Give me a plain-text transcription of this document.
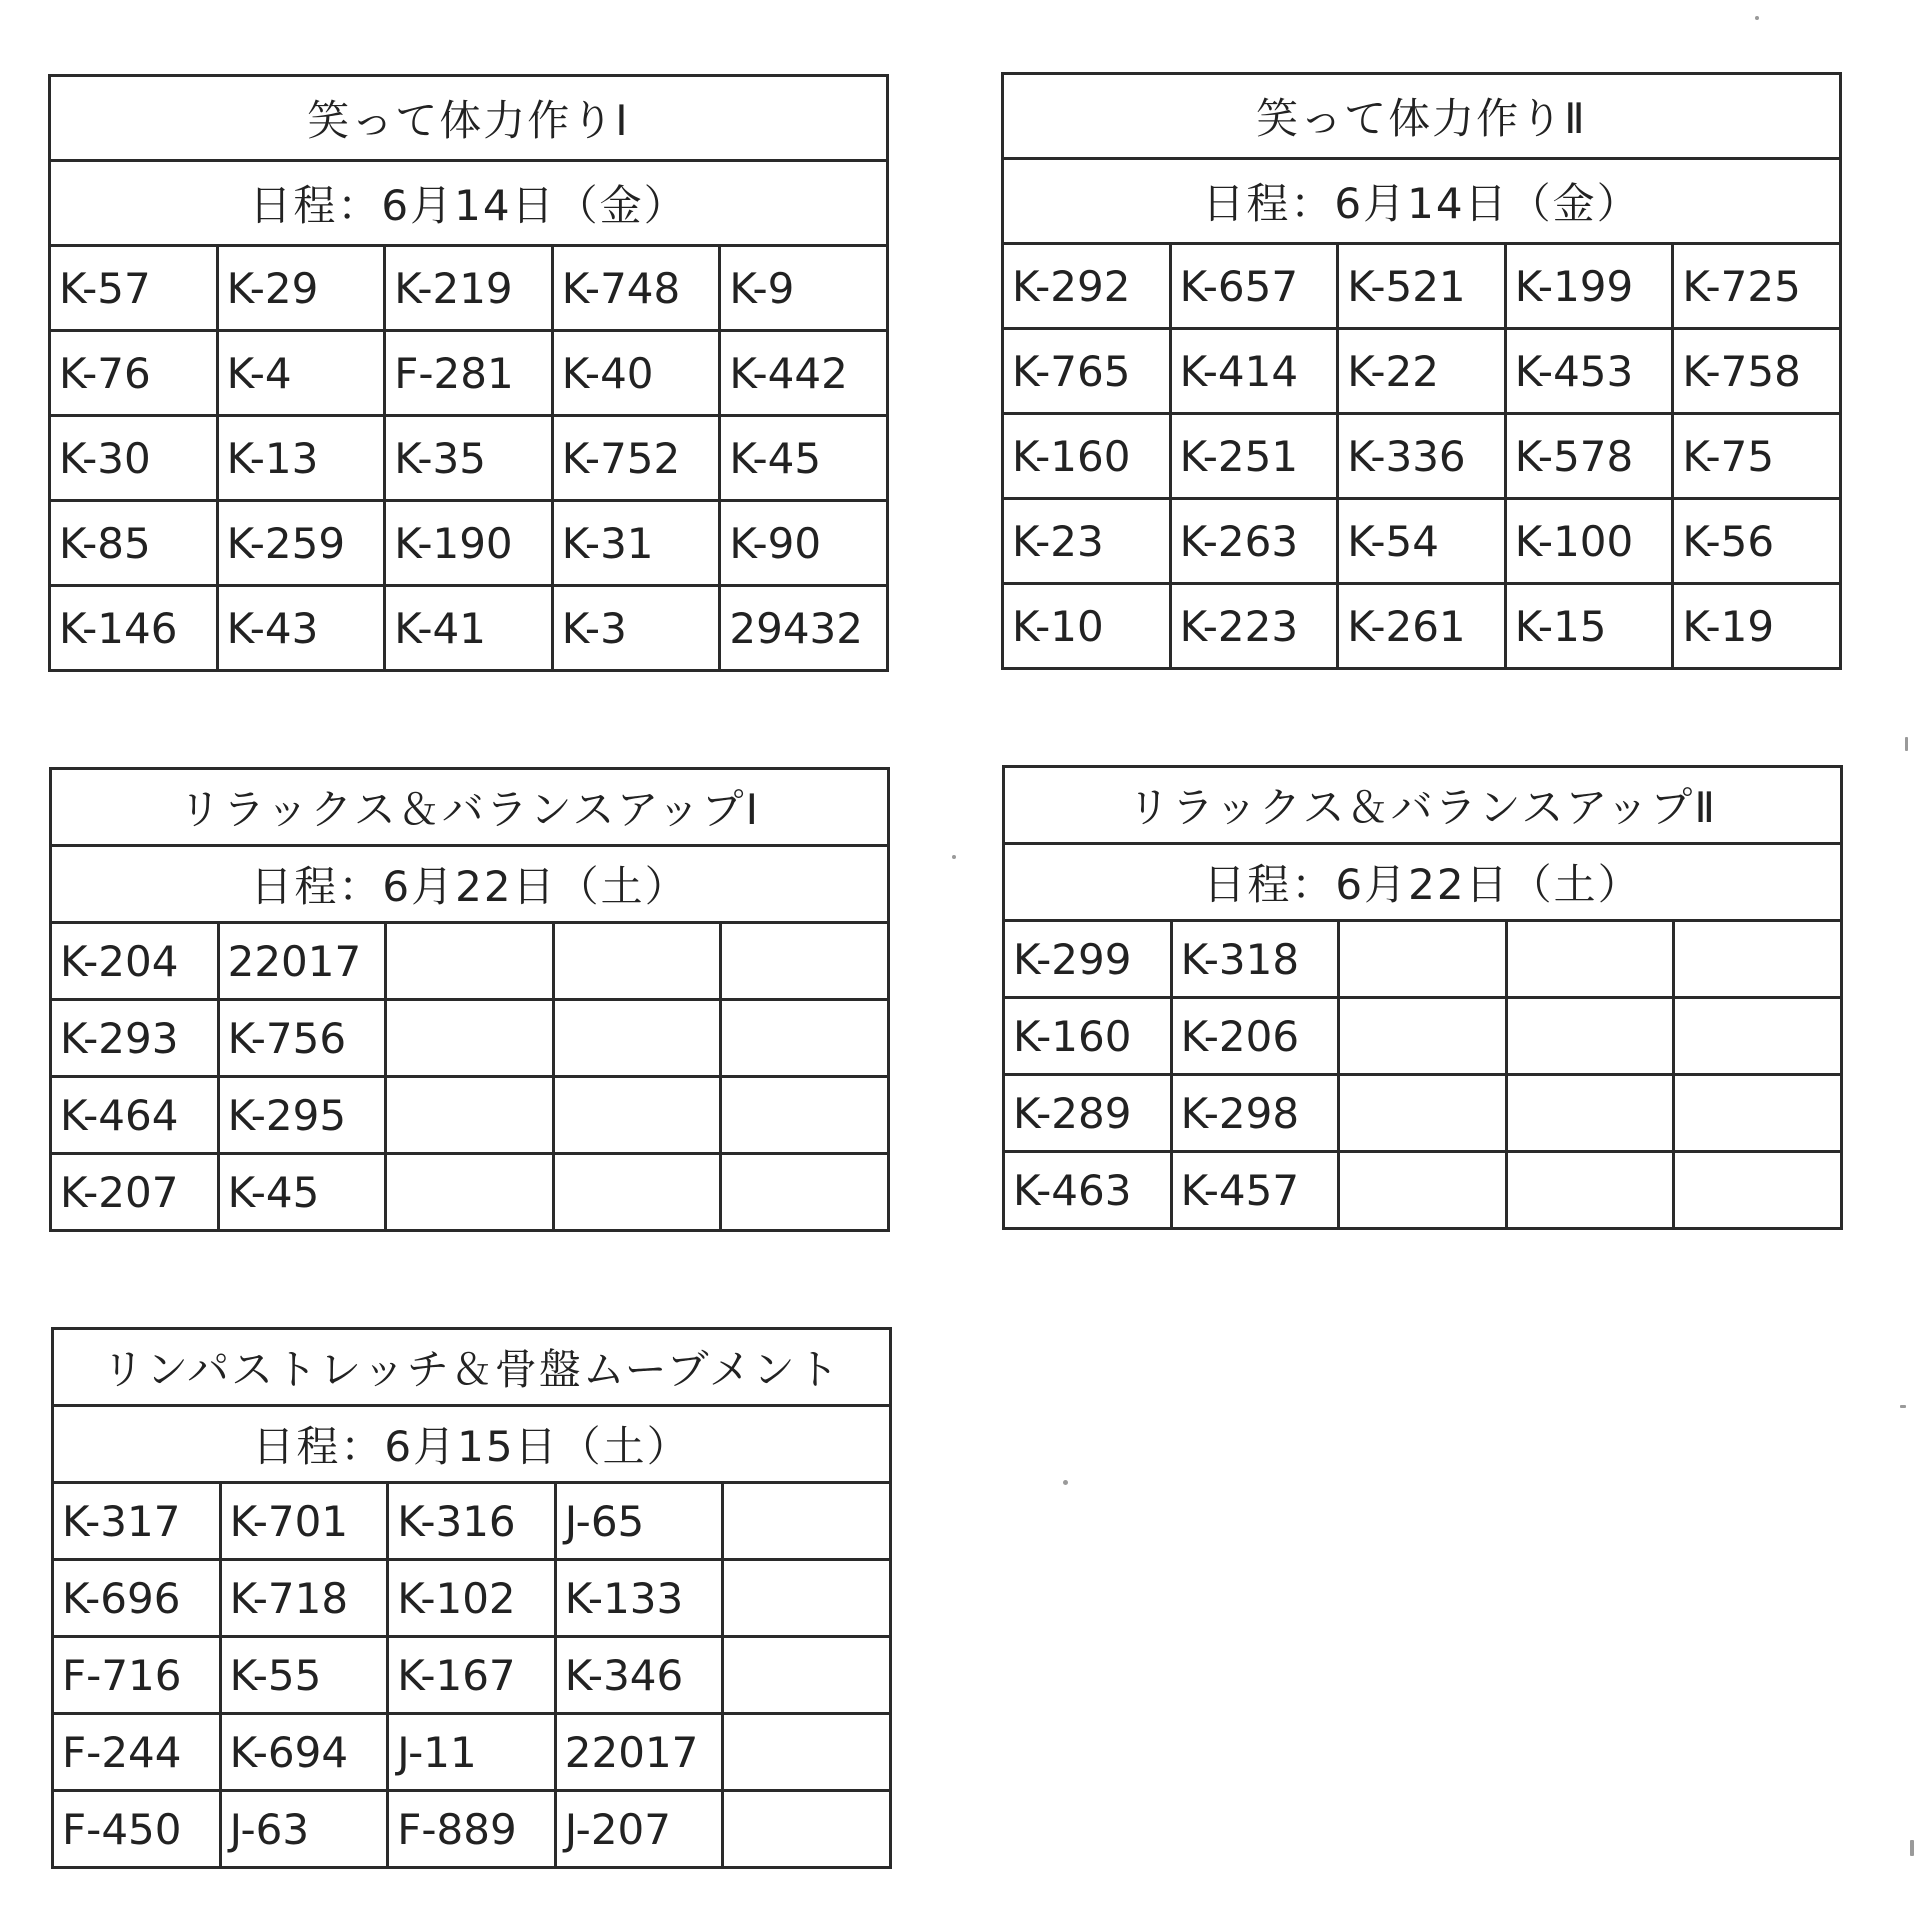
笑って体力作りⅠ				
日程：6月14日（金）				
K-57	K-29	K-219	K-748	K-9
K-76	K-4	F-281	K-40	K-442
K-30	K-13	K-35	K-752	K-45
K-85	K-259	K-190	K-31	K-90
K-146	K-43	K-41	K-3	29432
笑って体力作りⅡ				
日程：6月14日（金）				
K-292	K-657	K-521	K-199	K-725
K-765	K-414	K-22	K-453	K-758
K-160	K-251	K-336	K-578	K-75
K-23	K-263	K-54	K-100	K-56
K-10	K-223	K-261	K-15	K-19
リラックス＆バランスアップⅠ				
日程：6月22日（土）				
K-204	22017			
K-293	K-756			
K-464	K-295			
K-207	K-45			
リラックス＆バランスアップⅡ				
日程：6月22日（土）				
K-299	K-318			
K-160	K-206			
K-289	K-298			
K-463	K-457			
リンパストレッチ＆骨盤ムーブメント				
日程：6月15日（土）				
K-317	K-701	K-316	J-65	
K-696	K-718	K-102	K-133	
F-716	K-55	K-167	K-346	
F-244	K-694	J-11	22017	
F-450	J-63	F-889	J-207	
